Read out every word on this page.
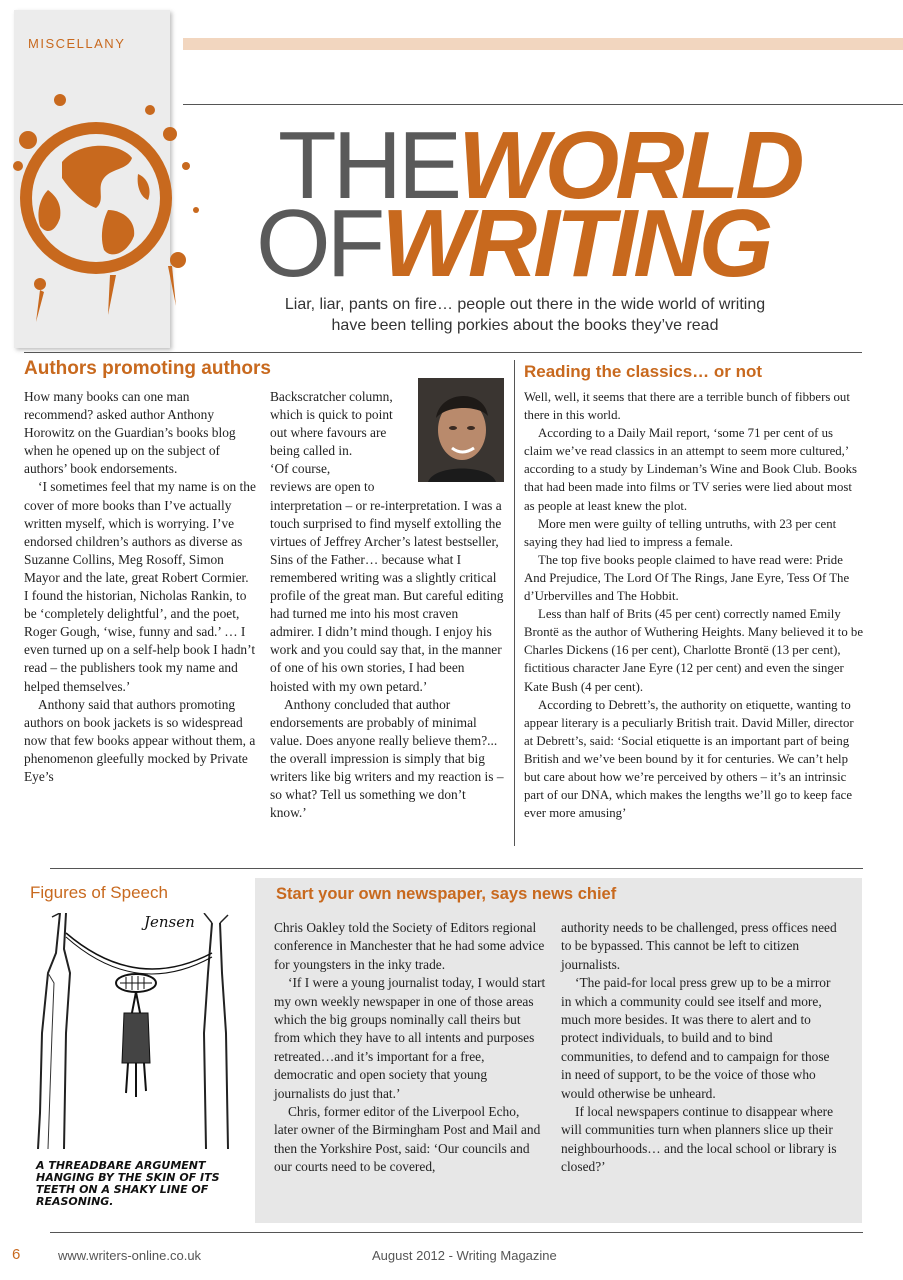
MISCELLANY
THEWORLD
OFWRITING
Liar, liar, pants on fire… people out there in the wide world of writing
have been telling porkies about the books they’ve read
Authors promoting authors

How many books can one man recommend? asked author Anthony Horowitz on the Guardian’s books blog when he opened up on the subject of authors’ book endorsements.

‘I sometimes feel that my name is on the cover of more books than I’ve actually written myself, which is worrying. I’ve endorsed children’s authors as diverse as Suzanne Collins, Meg Rosoff, Simon Mayor and the late, great Robert Cormier. I found the historian, Nicholas Rankin, to be ‘completely delightful’, and the poet, Roger Gough, ‘wise, funny and sad.’ … I even turned up on a self-help book I hadn’t read – the publishers took my name and helped themselves.’

Anthony said that authors promoting authors on book jackets is so widespread now that few books appear without them, a phenomenon gleefully mocked by Private Eye’s

Backscratcher column,
which is quick to point
out where favours are
being called in.
‘Of course,
reviews are open to

interpretation – or re-interpretation. I was a touch surprised to find myself extolling the virtues of Jeffrey Archer’s latest bestseller, Sins of the Father… because what I remembered writing was a slightly critical profile of the great man. But careful editing had turned me into his most craven admirer. I didn’t mind though. I enjoy his work and you could say that, in the manner of one of his own stories, I had been hoisted with my own petard.’

Anthony concluded that author endorsements are probably of minimal value. Does anyone really believe them?... the overall impression is simply that big writers like big writers and my reaction is – so what? Tell us something we don’t know.’

Reading the classics… or not

Well, well, it seems that there are a terrible bunch of fibbers out there in this world.

According to a Daily Mail report, ‘some 71 per cent of us claim we’ve read classics in an attempt to seem more cultured,’ according to a study by Lindeman’s Wine and Book Club. Books that had been made into films or TV series were lied about most as people at least knew the plot.

More men were guilty of telling untruths, with 23 per cent saying they had lied to impress a female.

The top five books people claimed to have read were: Pride And Prejudice, The Lord Of The Rings, Jane Eyre, Tess Of The d’Urbervilles and The Hobbit.

Less than half of Brits (45 per cent) correctly named Emily Brontë as the author of Wuthering Heights. Many believed it to be Charles Dickens (16 per cent), Charlotte Brontë (13 per cent), fictitious character Jane Eyre (12 per cent) and even the singer Kate Bush (4 per cent).

According to Debrett’s, the authority on etiquette, wanting to appear literary is a peculiarly British trait. David Miller, director at Debrett’s, said: ‘Social etiquette is an important part of being British and we’ve been bound by it for centuries. We can’t help but care about how we’re perceived by others – it’s an intrinsic part of our DNA, which makes the lengths we’ll go to keep face ever more amusing’

Figures of Speech
Jensen
A THREADBARE ARGUMENT HANGING BY THE SKIN OF ITS TEETH ON A SHAKY LINE OF REASONING.
Start your own newspaper, says news chief

Chris Oakley told the Society of Editors regional conference in Manchester that he had some advice for youngsters in the inky trade.

‘If I were a young journalist today, I would start my own weekly newspaper in one of those areas which the big groups nominally call theirs but from which they have to all intents and purposes retreated…and it’s important for a free, democratic and open society that young journalists do just that.’

Chris, former editor of the Liverpool Echo, later owner of the Birmingham Post and Mail and then the Yorkshire Post, said: ‘Our councils and our courts need to be covered,

authority needs to be challenged, press offices need to be bypassed. This cannot be left to citizen journalists.

‘The paid-for local press grew up to be a mirror in which a community could see itself and more, much more besides. It was there to alert and to protect individuals, to build and to bind communities, to defend and to campaign for those in need of support, to be the voice of those who would otherwise be unheard.

If local newspapers continue to disappear where will communities turn when planners slice up their neighbourhoods… and the local school or library is closed?’

6	www.writers-online.co.uk	August 2012 - Writing Magazine
